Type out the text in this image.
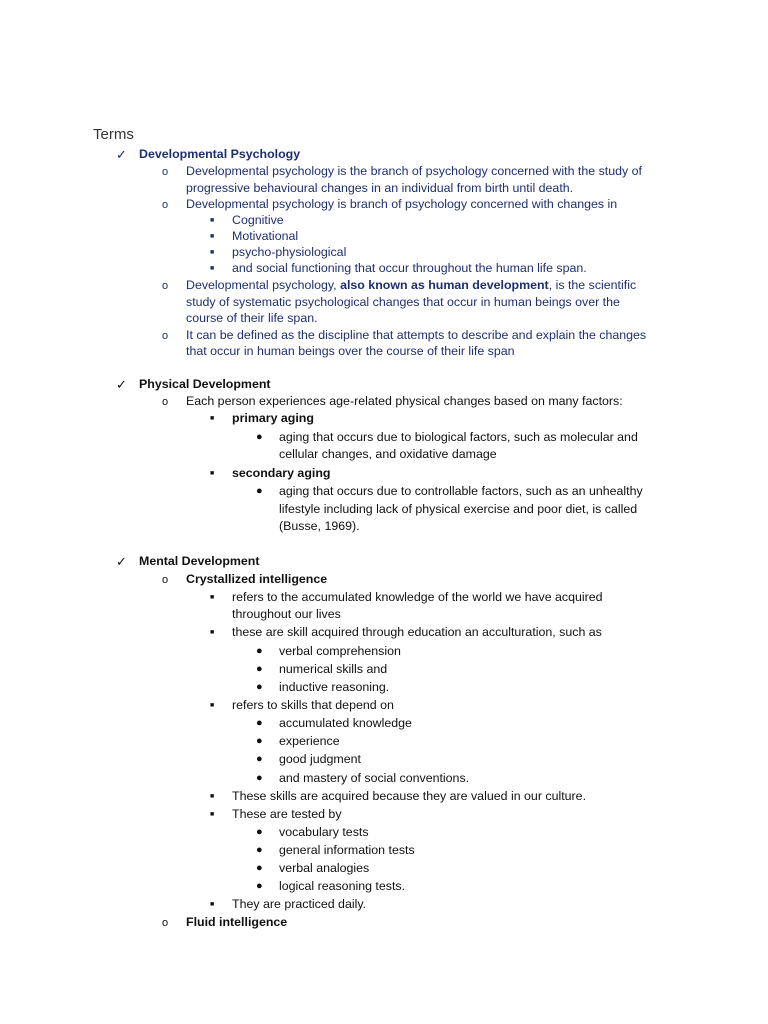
Terms
✓ Developmental Psychology
o Developmental psychology is the branch of psychology concerned with the study of
progressive behavioural changes in an individual from birth until death.
o Developmental psychology is branch of psychology concerned with changes in
■ Cognitive
■ Motivational
■ psycho-physiological
■ and social functioning that occur throughout the human life span.
o Developmental psychology, also known as human development, is the scientific
study of systematic psychological changes that occur in human beings over the
course of their life span.
o It can be defined as the discipline that attempts to describe and explain the changes
that occur in human beings over the course of their life span
✓ Physical Development
o Each person experiences age-related physical changes based on many factors:
■ primary aging
● aging that occurs due to biological factors, such as molecular and
cellular changes, and oxidative damage
■ secondary aging
● aging that occurs due to controllable factors, such as an unhealthy
lifestyle including lack of physical exercise and poor diet, is called
(Busse, 1969).
✓ Mental Development
o Crystallized intelligence
■ refers to the accumulated knowledge of the world we have acquired
throughout our lives
■ these are skill acquired through education an acculturation, such as
● verbal comprehension
● numerical skills and
● inductive reasoning.
■ refers to skills that depend on
● accumulated knowledge
● experience
● good judgment
● and mastery of social conventions.
■ These skills are acquired because they are valued in our culture.
■ These are tested by
● vocabulary tests
● general information tests
● verbal analogies
● logical reasoning tests.
■ They are practiced daily.
o Fluid intelligence
